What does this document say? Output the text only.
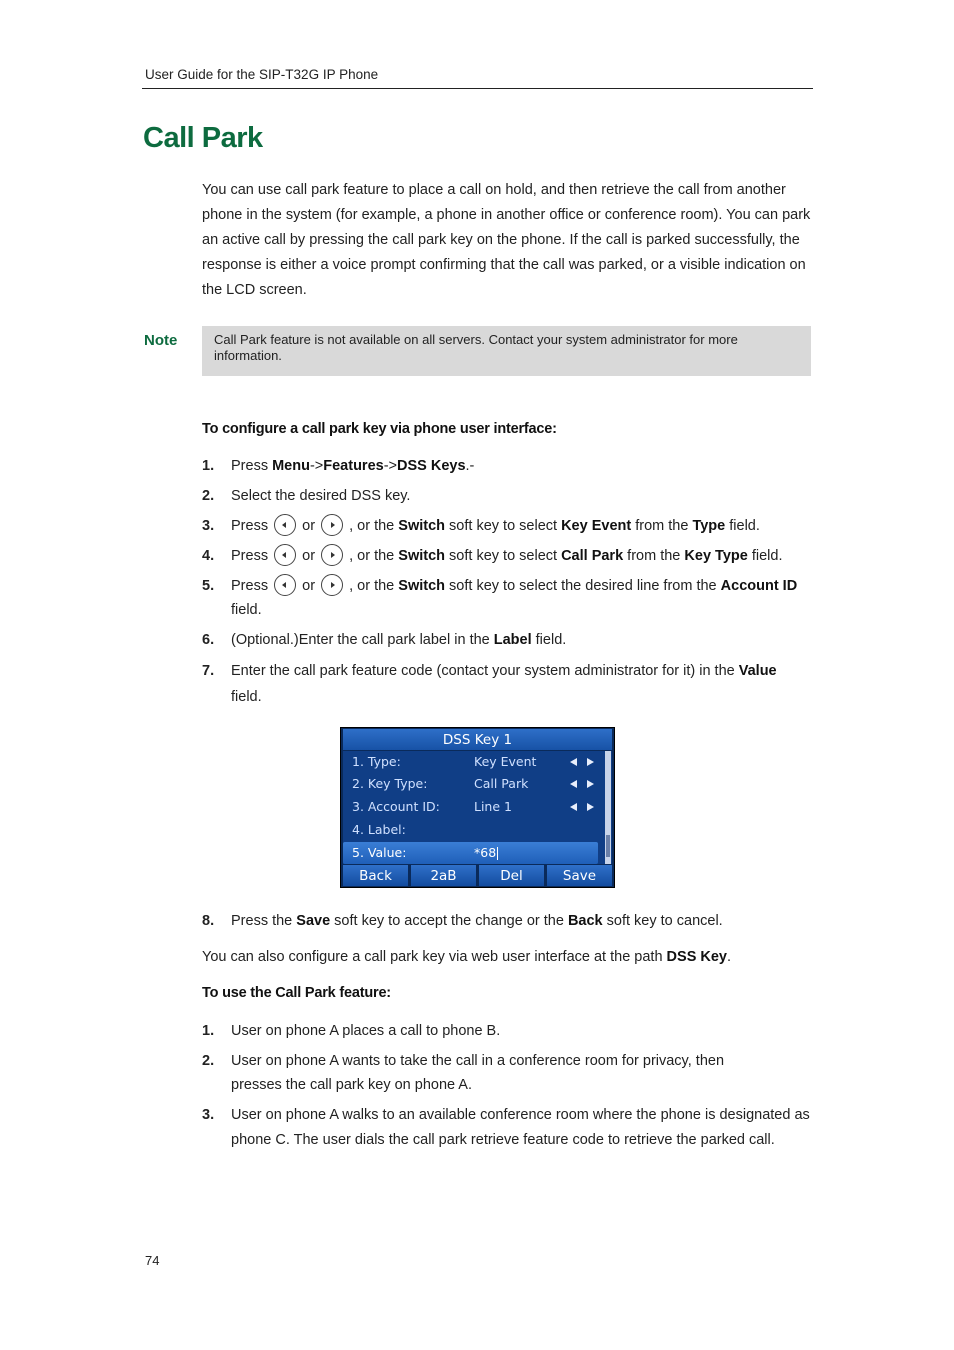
User Guide for the SIP-T32G IP Phone
Call Park
You can use call park feature to place a call on hold, and then retrieve the call from another phone in the system (for example, a phone in another office or conference room). You can park an active call by pressing the call park key on the phone. If the call is parked successfully, the response is either a voice prompt confirming that the call was parked, or a visible indication on the LCD screen.
Note	Call Park feature is not available on all servers. Contact your system administrator for more information.
To configure a call park key via phone user interface:
1. Press Menu->Features->DSS Keys.-
2. Select the desired DSS key.
3. Press or , or the Switch soft key to select Key Event from the Type field.
4. Press or , or the Switch soft key to select Call Park from the Key Type field.
5. Press or , or the Switch soft key to select the desired line from the Account ID field.
6. (Optional.)Enter the call park label in the Label field.
7. Enter the call park feature code (contact your system administrator for it) in the Value field.
DSS Key 1
1. Type:	Key Event
2. Key Type:	Call Park
3. Account ID:	Line 1
4. Label:
5. Value:	*68
Back	2aB	Del	Save
8. Press the Save soft key to accept the change or the Back soft key to cancel.
You can also configure a call park key via web user interface at the path DSS Key.
To use the Call Park feature:
1. User on phone A places a call to phone B.
2. User on phone A wants to take the call in a conference room for privacy, then presses the call park key on phone A.
3. User on phone A walks to an available conference room where the phone is designated as phone C. The user dials the call park retrieve feature code to retrieve the parked call.
74
